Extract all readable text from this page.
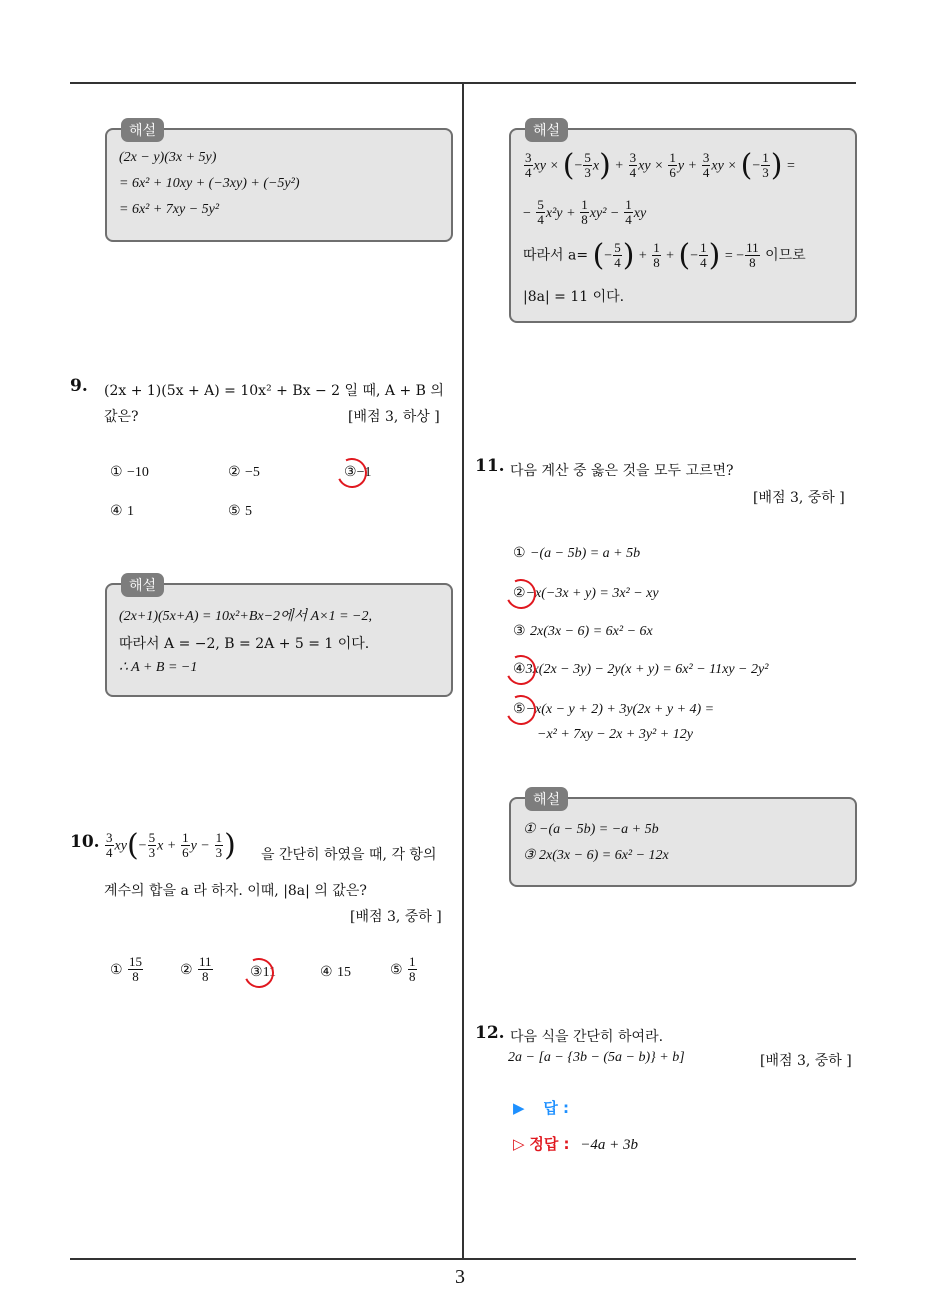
3
해설
(2x − y)(3x + 5y)
= 6x² + 10xy + (−3xy) + (−5y²)
= 6x² + 7xy − 5y²
9. (2x + 1)(5x + A) = 10x² + Bx − 2 일 때, A + B 의
값은?	[배점 3, 하상 ]
① −10	② −5	③−1
④ 1	⑤ 5
해설
(2x+1)(5x+A) = 10x²+Bx−2에서 A×1 = −2,
따라서 A = −2, B = 2A + 5 = 1 이다.
∴ A + B = −1
10. $\frac{3}{4} xy(- \frac{5}{3}$ $x + \frac{1}{6}$ $y - \frac{1}{3}$ ) 을 간단히 하였을 때, 각 항의
계수의 합을 a 라 하자. 이때, |8a| 의 값은?
[배점 3, 중하 ]
① $\frac{15}{8}$	② $\frac{11}{8}$	③11	④ 15	⑤ $\frac{1}{8}$
해설
$\frac{3}{4}$ xy × (− $\frac{5}{3} x) + \frac{3}{4}$ xy × $\frac{1}{6}$ $y + \frac{3}{4}$ xy × (− $\frac{1}{3}$ ) =
− $\frac{5}{4} x^2y + \frac{1}{8} xy^2 - \frac{1}{4}$ xy
따라서 a= (− $\frac{5}{4}$ ) + $\frac{1}{8}$ + (− $\frac{1}{4}$ ) = − $\frac{11}{8}$ 이므로
|8a| = 11 이다.
11. 다음 계산 중 옳은 것을 모두 고르면?
[배점 3, 중하 ]
① −(a − 5b) = a + 5b
②−x(−3x + y) = 3x² − xy
③ 2x(3x − 6) = 6x² − 6x
④3x(2x − 3y) − 2y(x + y) = 6x² − 11xy − 2y²
⑤−x(x − y + 2) + 3y(2x + y + 4) =
−x² + 7xy − 2x + 3y² + 12y
해설
① −(a − 5b) = −a + 5b
③ 2x(3x − 6) = 6x² − 12x
12. 다음 식을 간단히 하여라.
2a − [a − {3b − (5a − b)} + b]	[배점 3, 중하 ]
▶ 답 :
▷ 정답 : −4a + 3b
